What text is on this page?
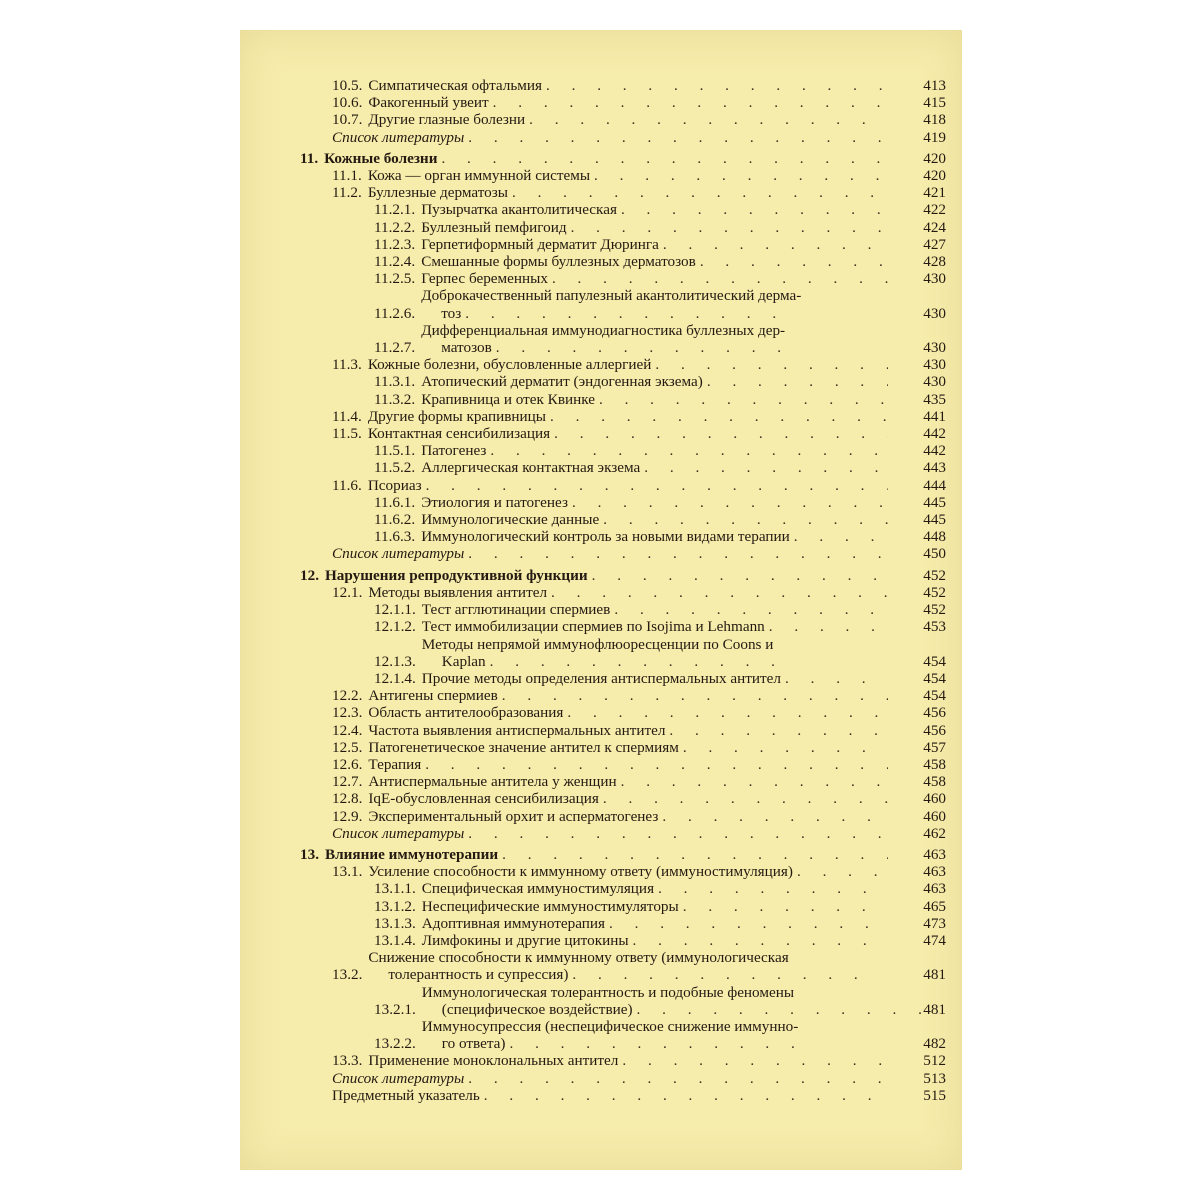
10.5. Симпатическая офтальмия . . .	413
10.6. Факогенный увеит . . .	415
10.7. Другие глазные болезни . . .	418
Список литературы . . .	419
11. Кожные болезни . . .	420
11.1. Кожа — орган иммунной системы . . .	420
11.2. Буллезные дерматозы . . .	421
11.2.1. Пузырчатка акантолитическая . . .	422
11.2.2. Буллезный пемфигоид . . .	424
11.2.3. Герпетиформный дерматит Дюринга . . .	427
11.2.4. Смешанные формы буллезных дерматозов . . .	428
11.2.5. Герпес беременных . . .	430
11.2.6.
Доброкачественный папулезный акантолитический дерма-
тоз . . .	430
11.2.7.
Дифференциальная иммунодиагностика буллезных дер-
матозов . . .	430
11.3. Кожные болезни, обусловленные аллергией . . .	430
11.3.1. Атопический дерматит (эндогенная экзема) . . .	430
11.3.2. Крапивница и отек Квинке . . .	435
11.4. Другие формы крапивницы . . .	441
11.5. Контактная сенсибилизация . . .	442
11.5.1. Патогенез . . .	442
11.5.2. Аллергическая контактная экзема . . .	443
11.6. Псориаз . . .	444
11.6.1. Этиология и патогенез . . .	445
11.6.2. Иммунологические данные . . .	445
11.6.3. Иммунологический контроль за новыми видами терапии . . .	448
Список литературы . . .	450
12. Нарушения репродуктивной функции . . .	452
12.1. Методы выявления антител . . .	452
12.1.1. Тест агглютинации спермиев . . .	452
12.1.2. Тест иммобилизации спермиев по Isojima и Lehmann . . .	453
12.1.3.
Методы непрямой иммунофлюоресценции по Coons и
Kaplan . . .	454
12.1.4. Прочие методы определения антиспермальных антител . . .	454
12.2. Антигены спермиев . . .	454
12.3. Область антителообразования . . .	456
12.4. Частота выявления антиспермальных антител . . .	456
12.5. Патогенетическое значение антител к спермиям . . .	457
12.6. Терапия . . .	458
12.7. Антиспермальные антитела у женщин . . .	458
12.8. IqE-обусловленная сенсибилизация . . .	460
12.9. Экспериментальный орхит и асперматогенез . . .	460
Список литературы . . .	462
13. Влияние иммунотерапии . . .	463
13.1. Усиление способности к иммунному ответу (иммуностимуляция) . . .	463
13.1.1. Специфическая иммуностимуляция . . .	463
13.1.2. Неспецифические иммуностимуляторы . . .	465
13.1.3. Адоптивная иммунотерапия . . .	473
13.1.4. Лимфокины и другие цитокины . . .	474
13.2.
Снижение способности к иммунному ответу (иммунологическая
толерантность и супрессия) . . .	481
13.2.1.
Иммунологическая толерантность и подобные феномены
(специфическое воздействие) . . .	481
13.2.2.
Иммуносупрессия (неспецифическое снижение иммунно-
го ответа) . . .	482
13.3. Применение моноклональных антител . . .	512
Список литературы . . .	513
Предметный указатель . . .	515
